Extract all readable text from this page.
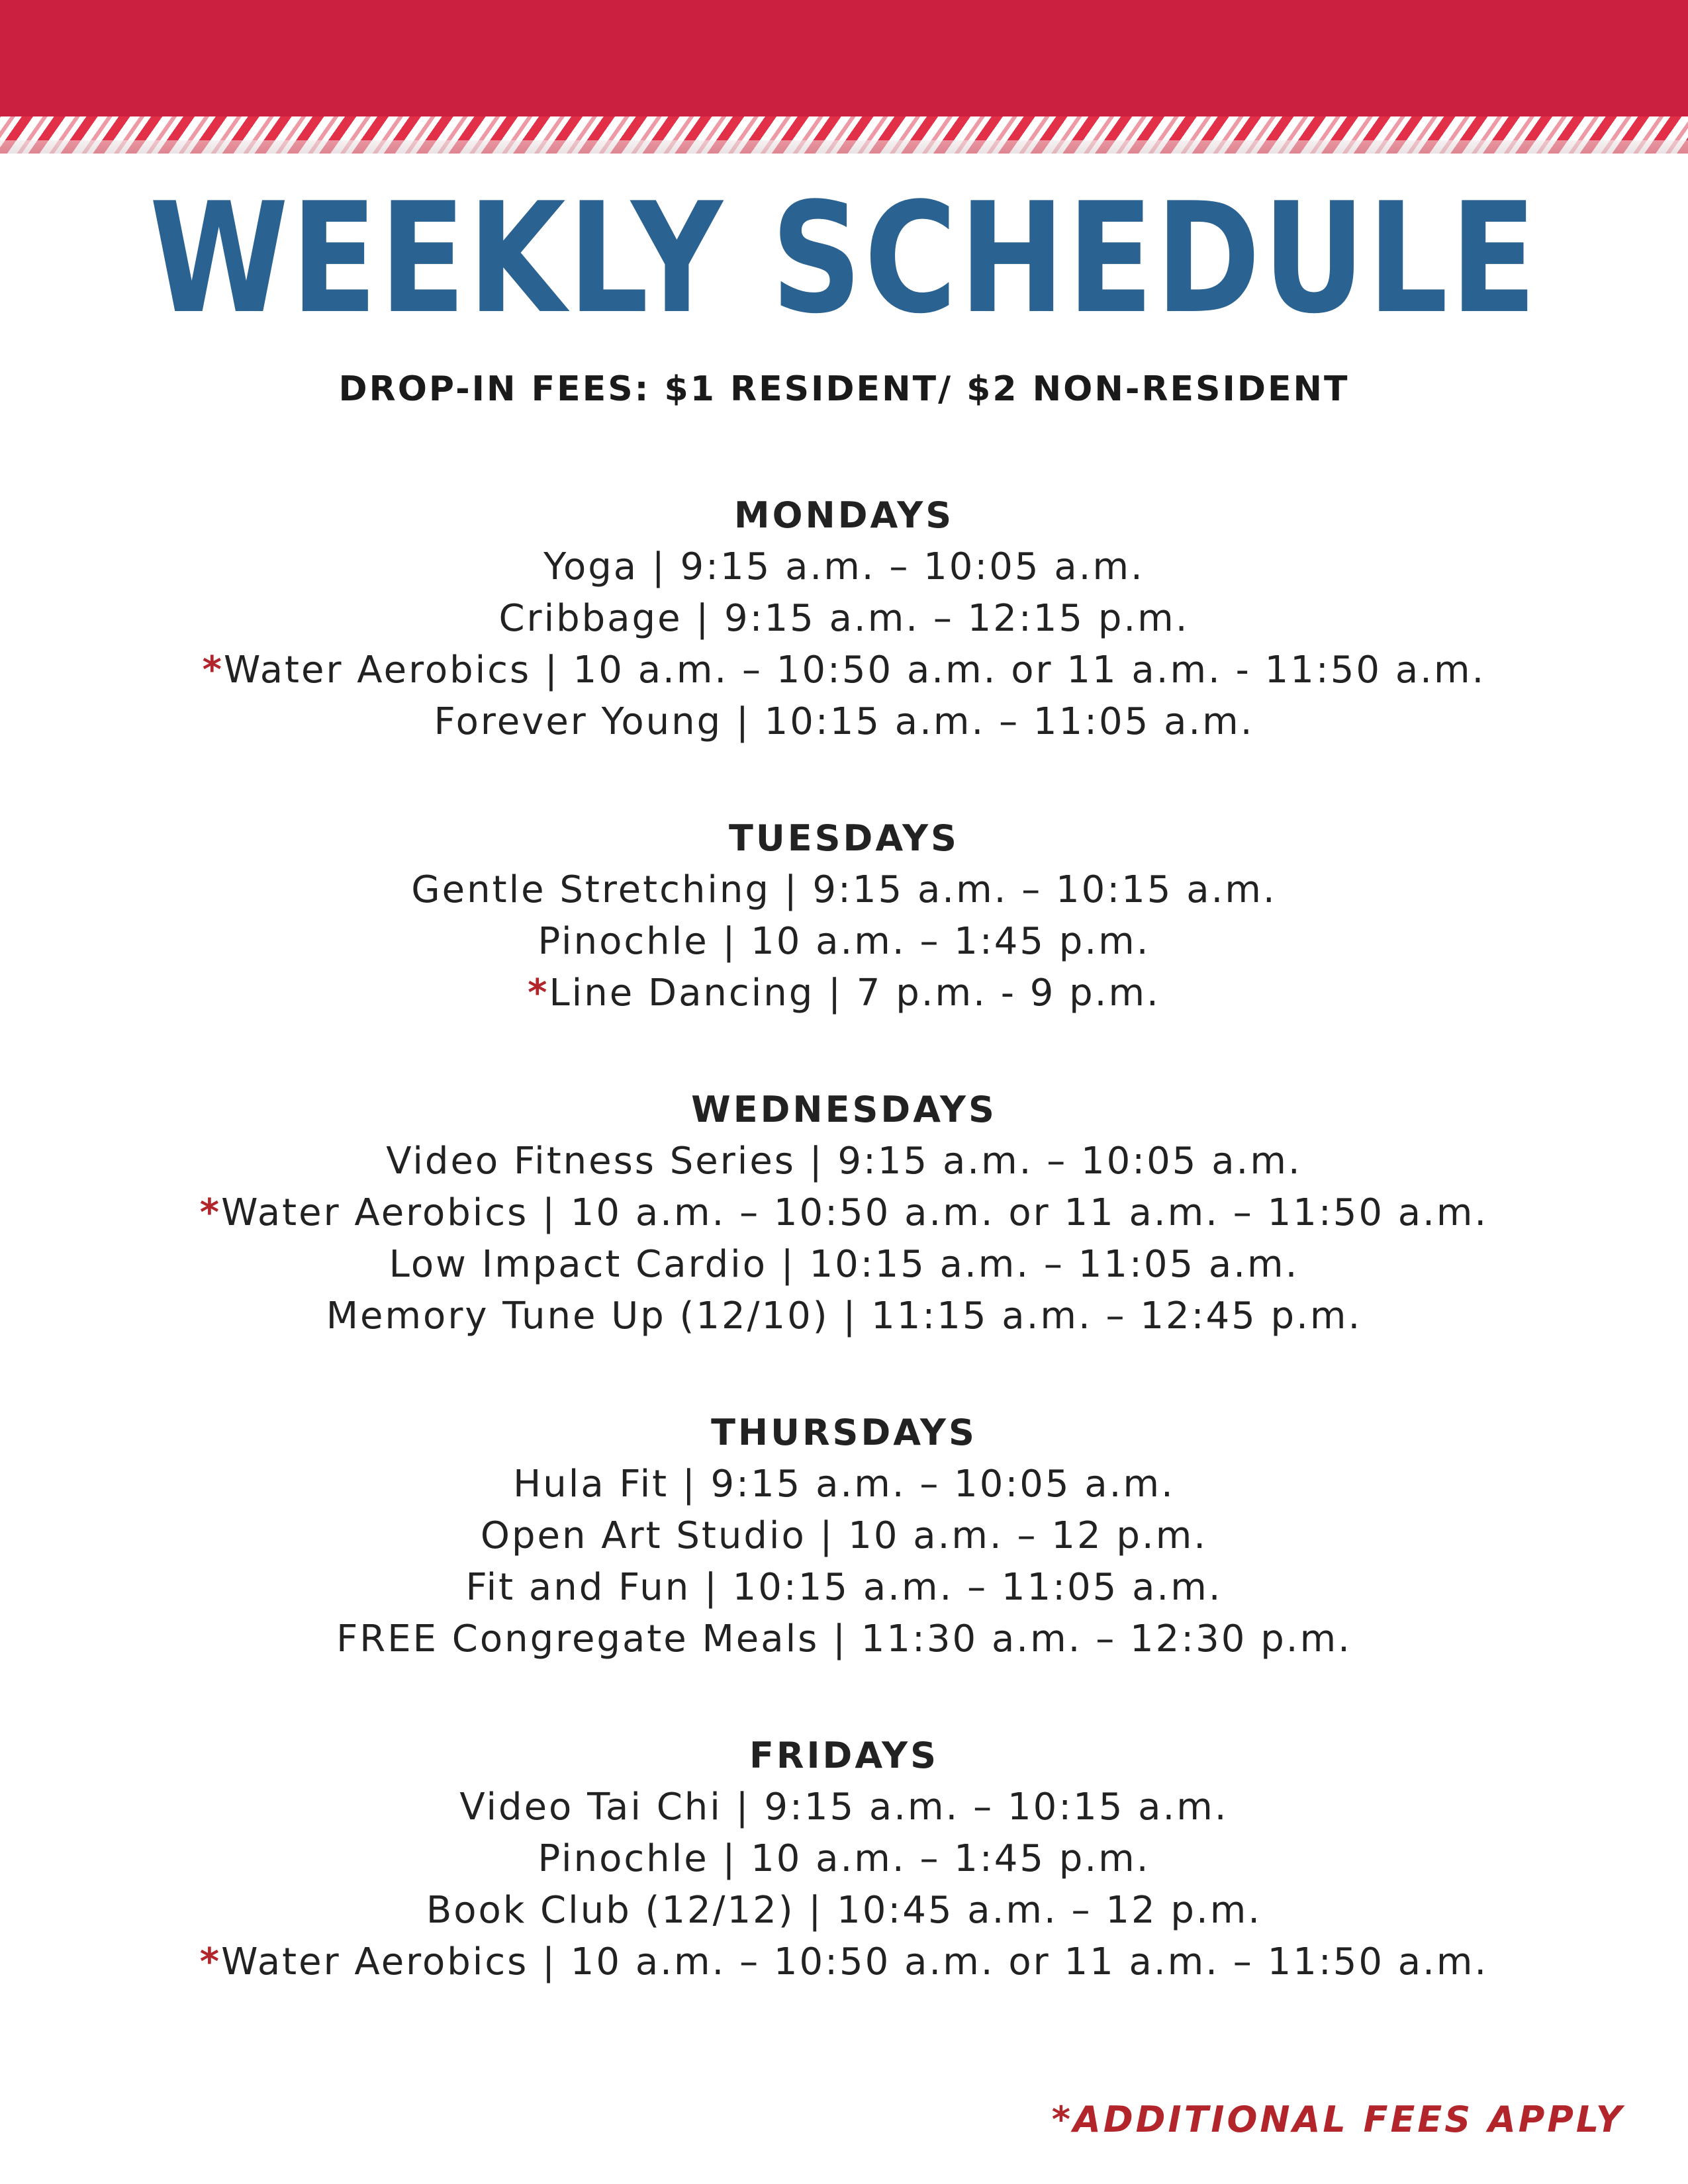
WEEKLY SCHEDULE
DROP-IN FEES: $1 RESIDENT/ $2 NON-RESIDENT
MONDAYS
Yoga | 9:15 a.m. – 10:05 a.m.
Cribbage | 9:15 a.m. – 12:15 p.m.
*Water Aerobics | 10 a.m. – 10:50 a.m. or 11 a.m. - 11:50 a.m.
Forever Young | 10:15 a.m. – 11:05 a.m.
TUESDAYS
Gentle Stretching | 9:15 a.m. – 10:15 a.m.
Pinochle | 10 a.m. – 1:45 p.m.
*Line Dancing | 7 p.m. - 9 p.m.
WEDNESDAYS
Video Fitness Series | 9:15 a.m. – 10:05 a.m.
*Water Aerobics | 10 a.m. – 10:50 a.m. or 11 a.m. – 11:50 a.m.
Low Impact Cardio | 10:15 a.m. – 11:05 a.m.
Memory Tune Up (12/10) | 11:15 a.m. – 12:45 p.m.
THURSDAYS
Hula Fit | 9:15 a.m. – 10:05 a.m.
Open Art Studio | 10 a.m. – 12 p.m.
Fit and Fun | 10:15 a.m. – 11:05 a.m.
FREE Congregate Meals | 11:30 a.m. – 12:30 p.m.
FRIDAYS
Video Tai Chi | 9:15 a.m. – 10:15 a.m.
Pinochle | 10 a.m. – 1:45 p.m.
Book Club (12/12) | 10:45 a.m. – 12 p.m.
*Water Aerobics | 10 a.m. – 10:50 a.m. or 11 a.m. – 11:50 a.m.
*ADDITIONAL FEES APPLY
